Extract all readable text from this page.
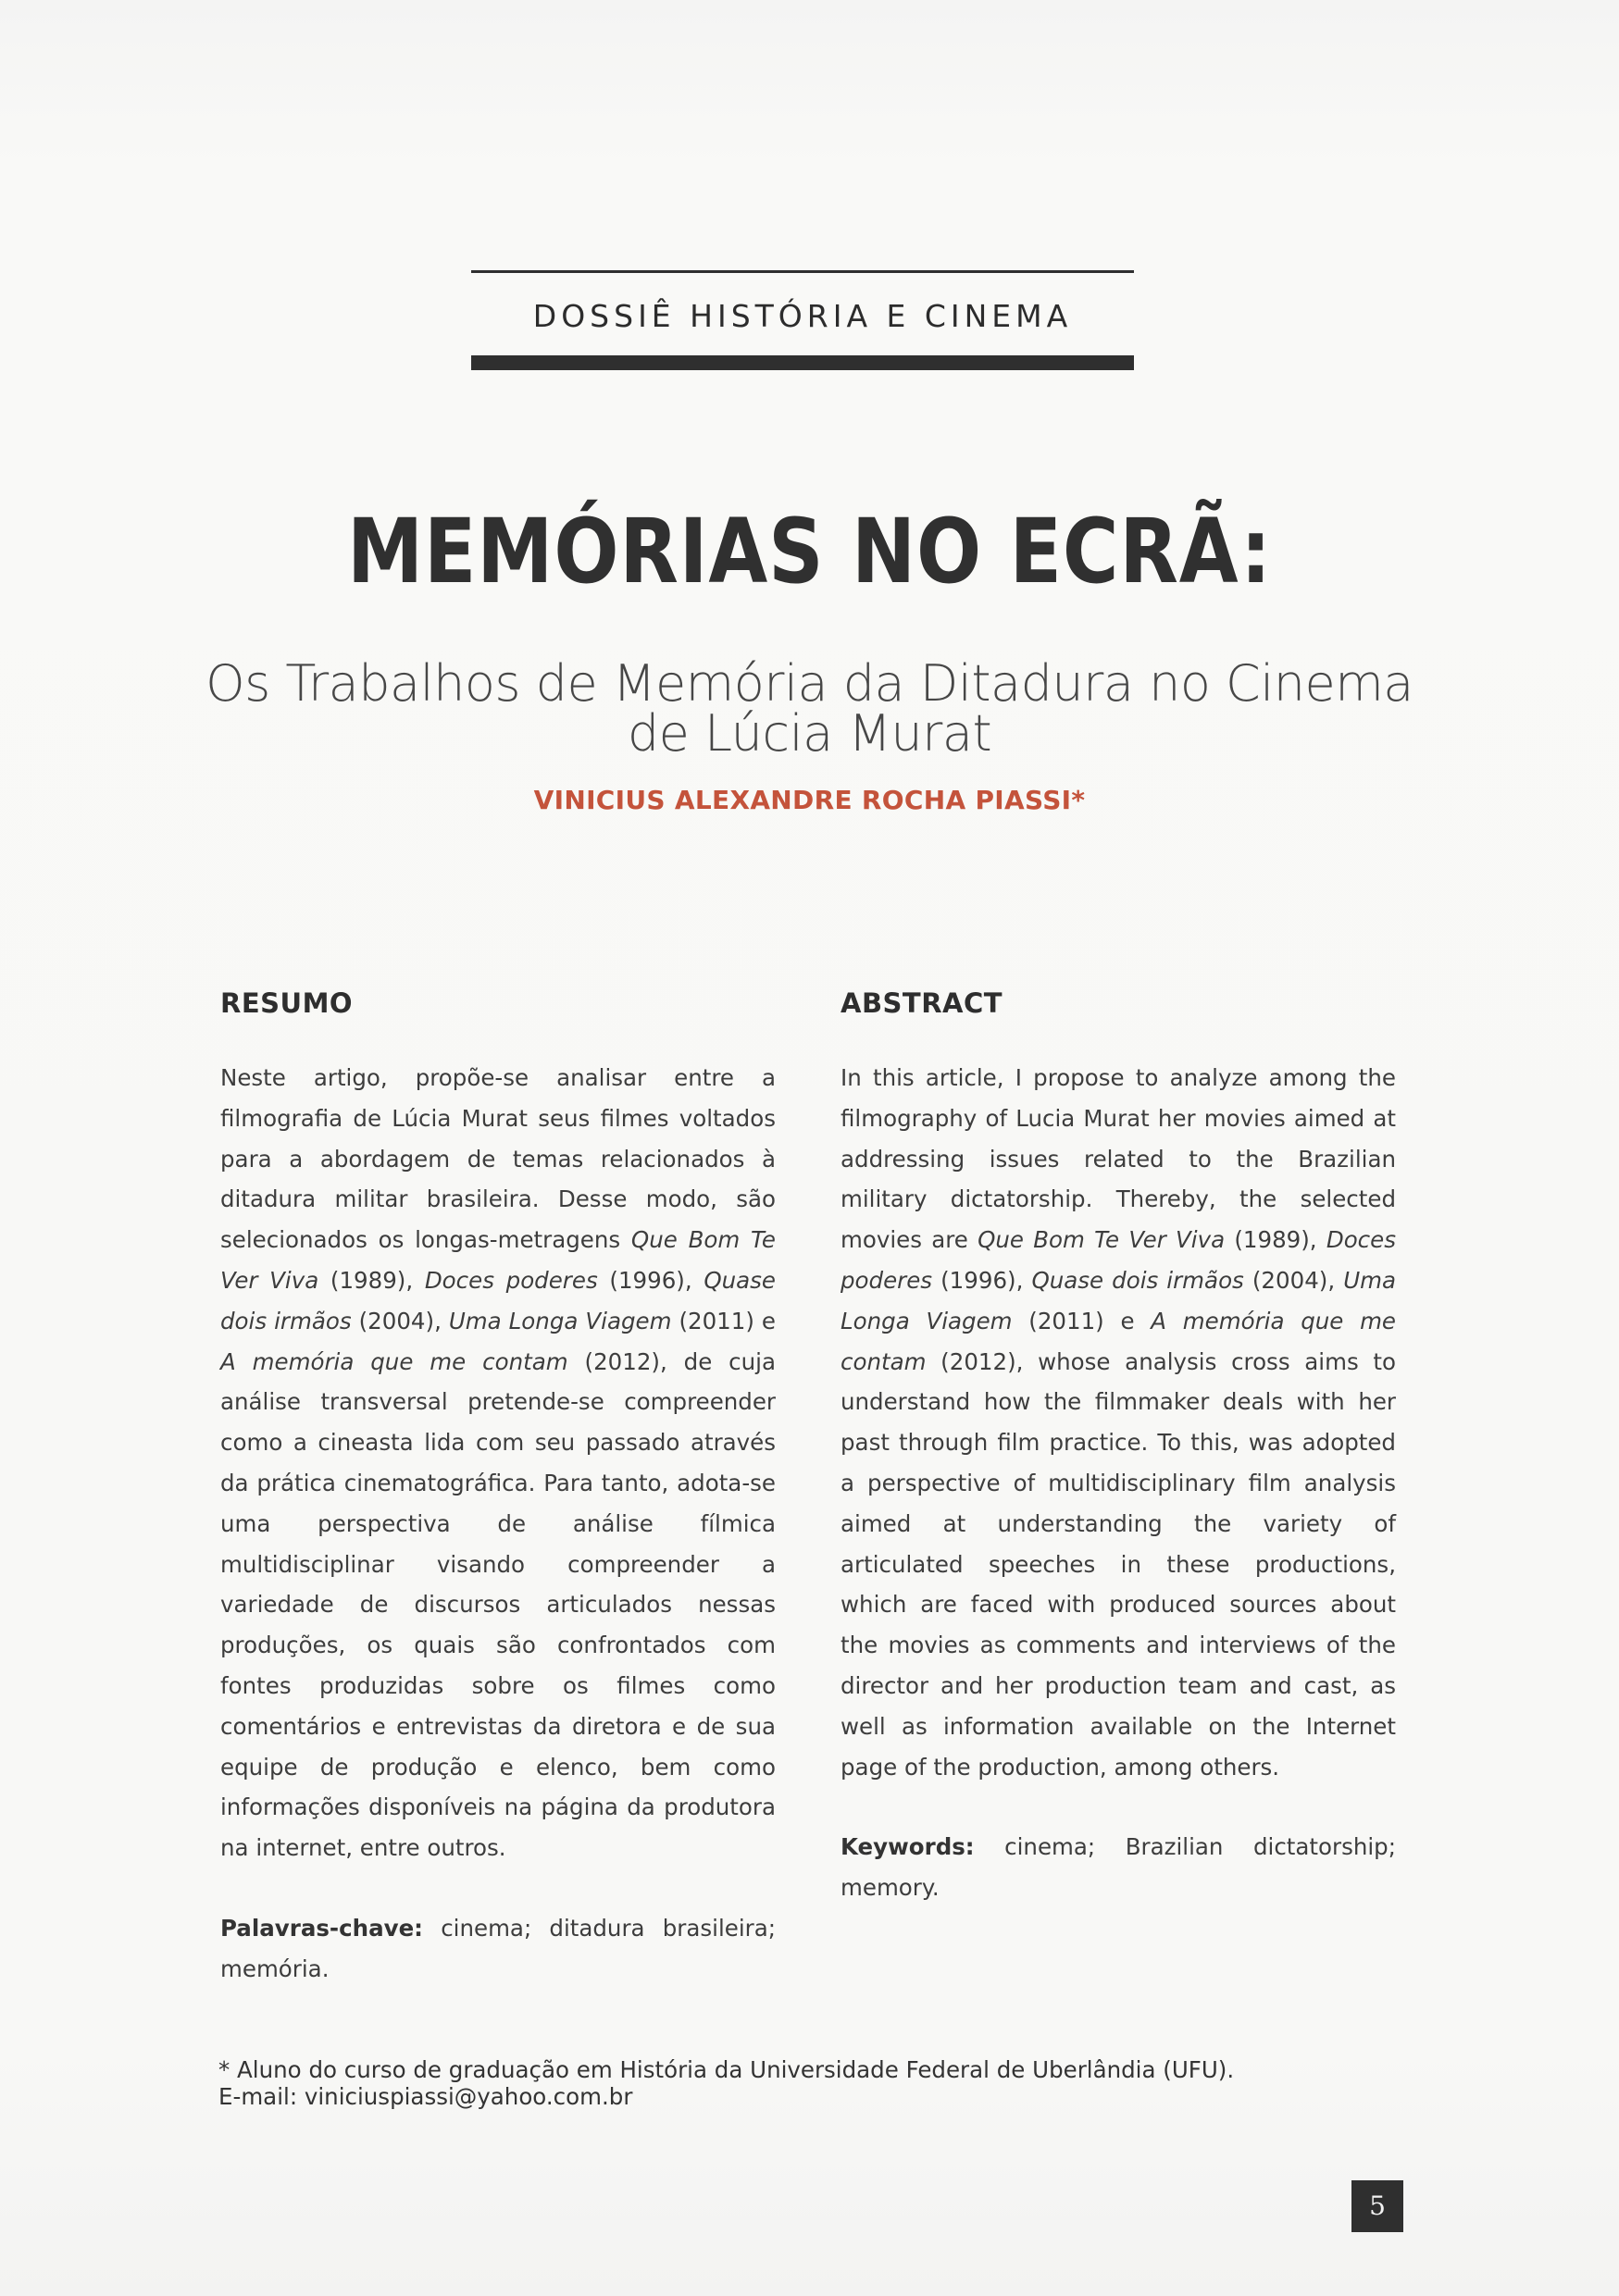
DOSSIÊ HISTÓRIA E CINEMA
MEMÓRIAS NO ECRÃ:
Os Trabalhos de Memória da Ditadura no Cinema
de Lúcia Murat
VINICIUS ALEXANDRE ROCHA PIASSI*
RESUMO

Neste artigo, propõe-se analisar entre a filmografia de Lúcia Murat seus filmes voltados para a abordagem de temas relacionados à ditadura militar brasileira. Desse modo, são selecionados os longas-metragens Que Bom Te Ver Viva (1989), Doces poderes (1996), Quase dois irmãos (2004), Uma Longa Viagem (2011) e A memória que me contam (2012), de cuja análise transversal pretende-se compreender como a cineasta lida com seu passado através da prática cinematográfica. Para tanto, adota-se uma perspectiva de análise fílmica multidisciplinar visando compreender a variedade de discursos articulados nessas produções, os quais são confrontados com fontes produzidas sobre os filmes como comentários e entrevistas da diretora e de sua equipe de produção e elenco, bem como informações disponíveis na página da produtora na internet, entre outros.

Palavras-chave: cinema; ditadura brasileira; memória.

ABSTRACT

In this article, I propose to analyze among the filmography of Lucia Murat her movies aimed at addressing issues related to the Brazilian military dictatorship. Thereby, the selected movies are Que Bom Te Ver Viva (1989), Doces poderes (1996), Quase dois irmãos (2004), Uma Longa Viagem (2011) e A memória que me contam (2012), whose analysis cross aims to understand how the filmmaker deals with her past through film practice. To this, was adopted a perspective of multidisciplinary film analysis aimed at understanding the variety of articulated speeches in these productions, which are faced with produced sources about the movies as comments and interviews of the director and her production team and cast, as well as information available on the Internet page of the production, among others.

Keywords: cinema; Brazilian dictatorship; memory.

* Aluno do curso de graduação em História da Universidade Federal de Uberlândia (UFU).
E-mail: viniciuspiassi@yahoo.com.br
5
